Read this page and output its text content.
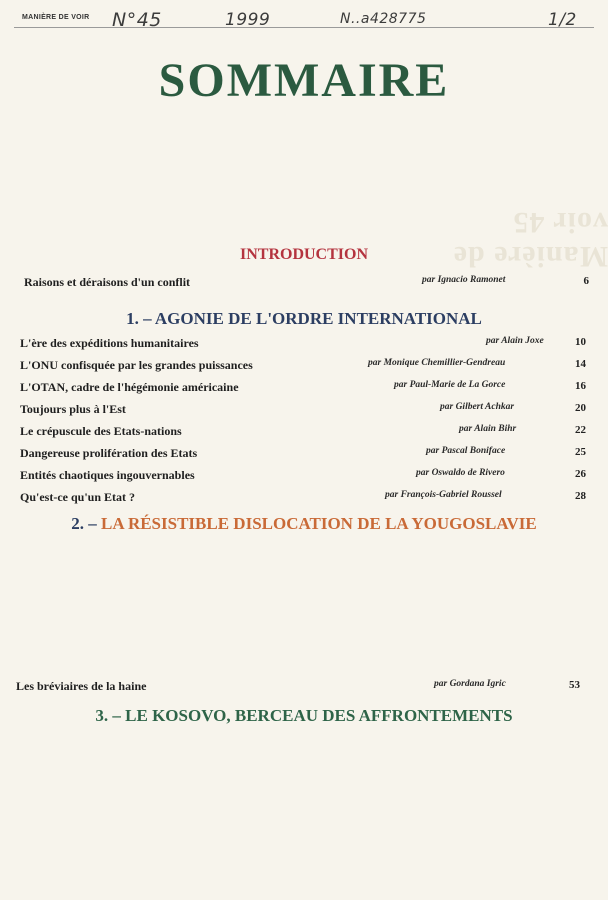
MANIÈRE DE VOIR N°45	1999	N..a428775	1/2
SOMMAIRE
Manière de voir 45
INTRODUCTION
Raisons et déraisons d'un conflit	par Ignacio Ramonet	6
1. – AGONIE DE L'ORDRE INTERNATIONAL
L'ère des expéditions humanitaires	par Alain Joxe	10
L'ONU confisquée par les grandes puissances	par Monique Chemillier-Gendreau	14
L'OTAN, cadre de l'hégémonie américaine	par Paul-Marie de La Gorce	16
Toujours plus à l'Est	par Gilbert Achkar	20
Le crépuscule des Etats-nations	par Alain Bihr	22
Dangereuse prolifération des Etats	par Pascal Boniface	25
Entités chaotiques ingouvernables	par Oswaldo de Rivero	26
Qu'est-ce qu'un Etat ?	par François-Gabriel Roussel	28
2. – LA RÉSISTIBLE DISLOCATION DE LA YOUGOSLAVIE
Les bréviaires de la haine	par Gordana Igric	53
3. – LE KOSOVO, BERCEAU DES AFFRONTEMENTS
